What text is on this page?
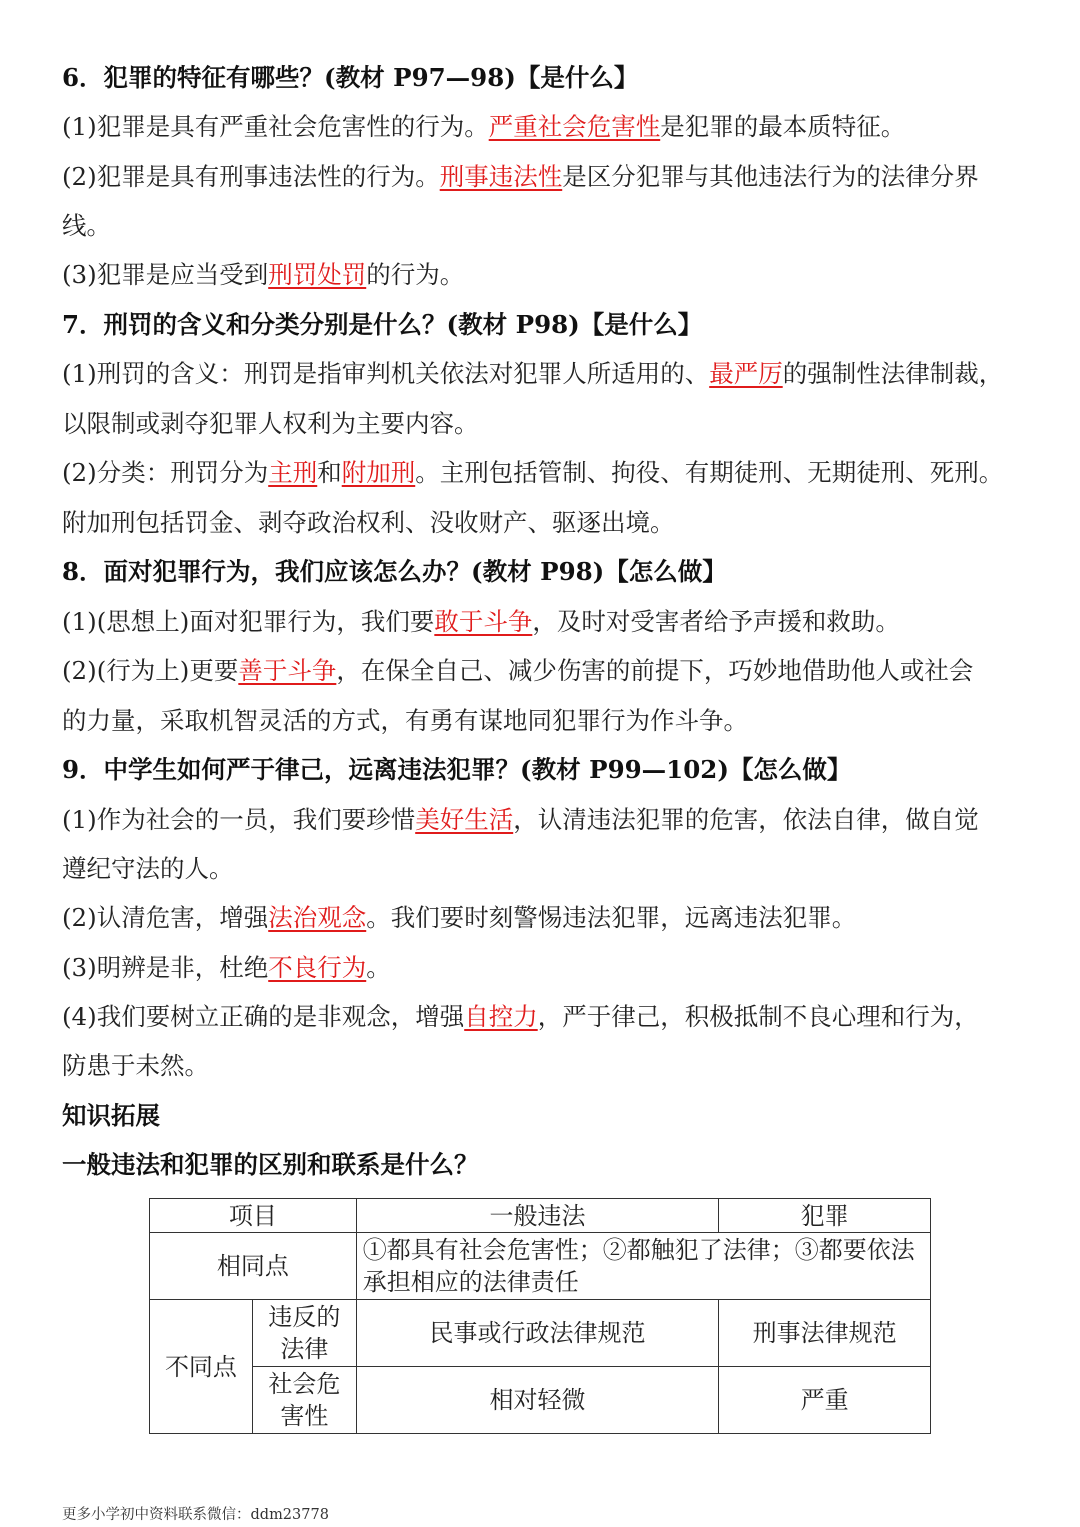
6．犯罪的特征有哪些？(教材 P97—98)【是什么】
(1)犯罪是具有严重社会危害性的行为。严重社会危害性是犯罪的最本质特征。
(2)犯罪是具有刑事违法性的行为。刑事违法性是区分犯罪与其他违法行为的法律分界
线。
(3)犯罪是应当受到刑罚处罚的行为。
7．刑罚的含义和分类分别是什么？(教材 P98)【是什么】
(1)刑罚的含义：刑罚是指审判机关依法对犯罪人所适用的、最严厉的强制性法律制裁，
以限制或剥夺犯罪人权利为主要内容。
(2)分类：刑罚分为主刑和附加刑。主刑包括管制、拘役、有期徒刑、无期徒刑、死刑。
附加刑包括罚金、剥夺政治权利、没收财产、驱逐出境。
8．面对犯罪行为，我们应该怎么办？(教材 P98)【怎么做】
(1)(思想上)面对犯罪行为，我们要敢于斗争，及时对受害者给予声援和救助。
(2)(行为上)更要善于斗争，在保全自己、减少伤害的前提下，巧妙地借助他人或社会
的力量，采取机智灵活的方式，有勇有谋地同犯罪行为作斗争。
9．中学生如何严于律己，远离违法犯罪？(教材 P99—102)【怎么做】
(1)作为社会的一员，我们要珍惜美好生活，认清违法犯罪的危害，依法自律，做自觉
遵纪守法的人。
(2)认清危害，增强法治观念。我们要时刻警惕违法犯罪，远离违法犯罪。
(3)明辨是非，杜绝不良行为。
(4)我们要树立正确的是非观念，增强自控力，严于律己，积极抵制不良心理和行为，
防患于未然。
知识拓展
一般违法和犯罪的区别和联系是什么？
项目		一般违法	犯罪
相同点		①都具有社会危害性；②都触犯了法律；③都要依法承担相应的法律责任	
不同点	违反的法律	民事或行政法律规范	刑事法律规范
	社会危害性	相对轻微	严重
更多小学初中资料联系微信：ddm23778
